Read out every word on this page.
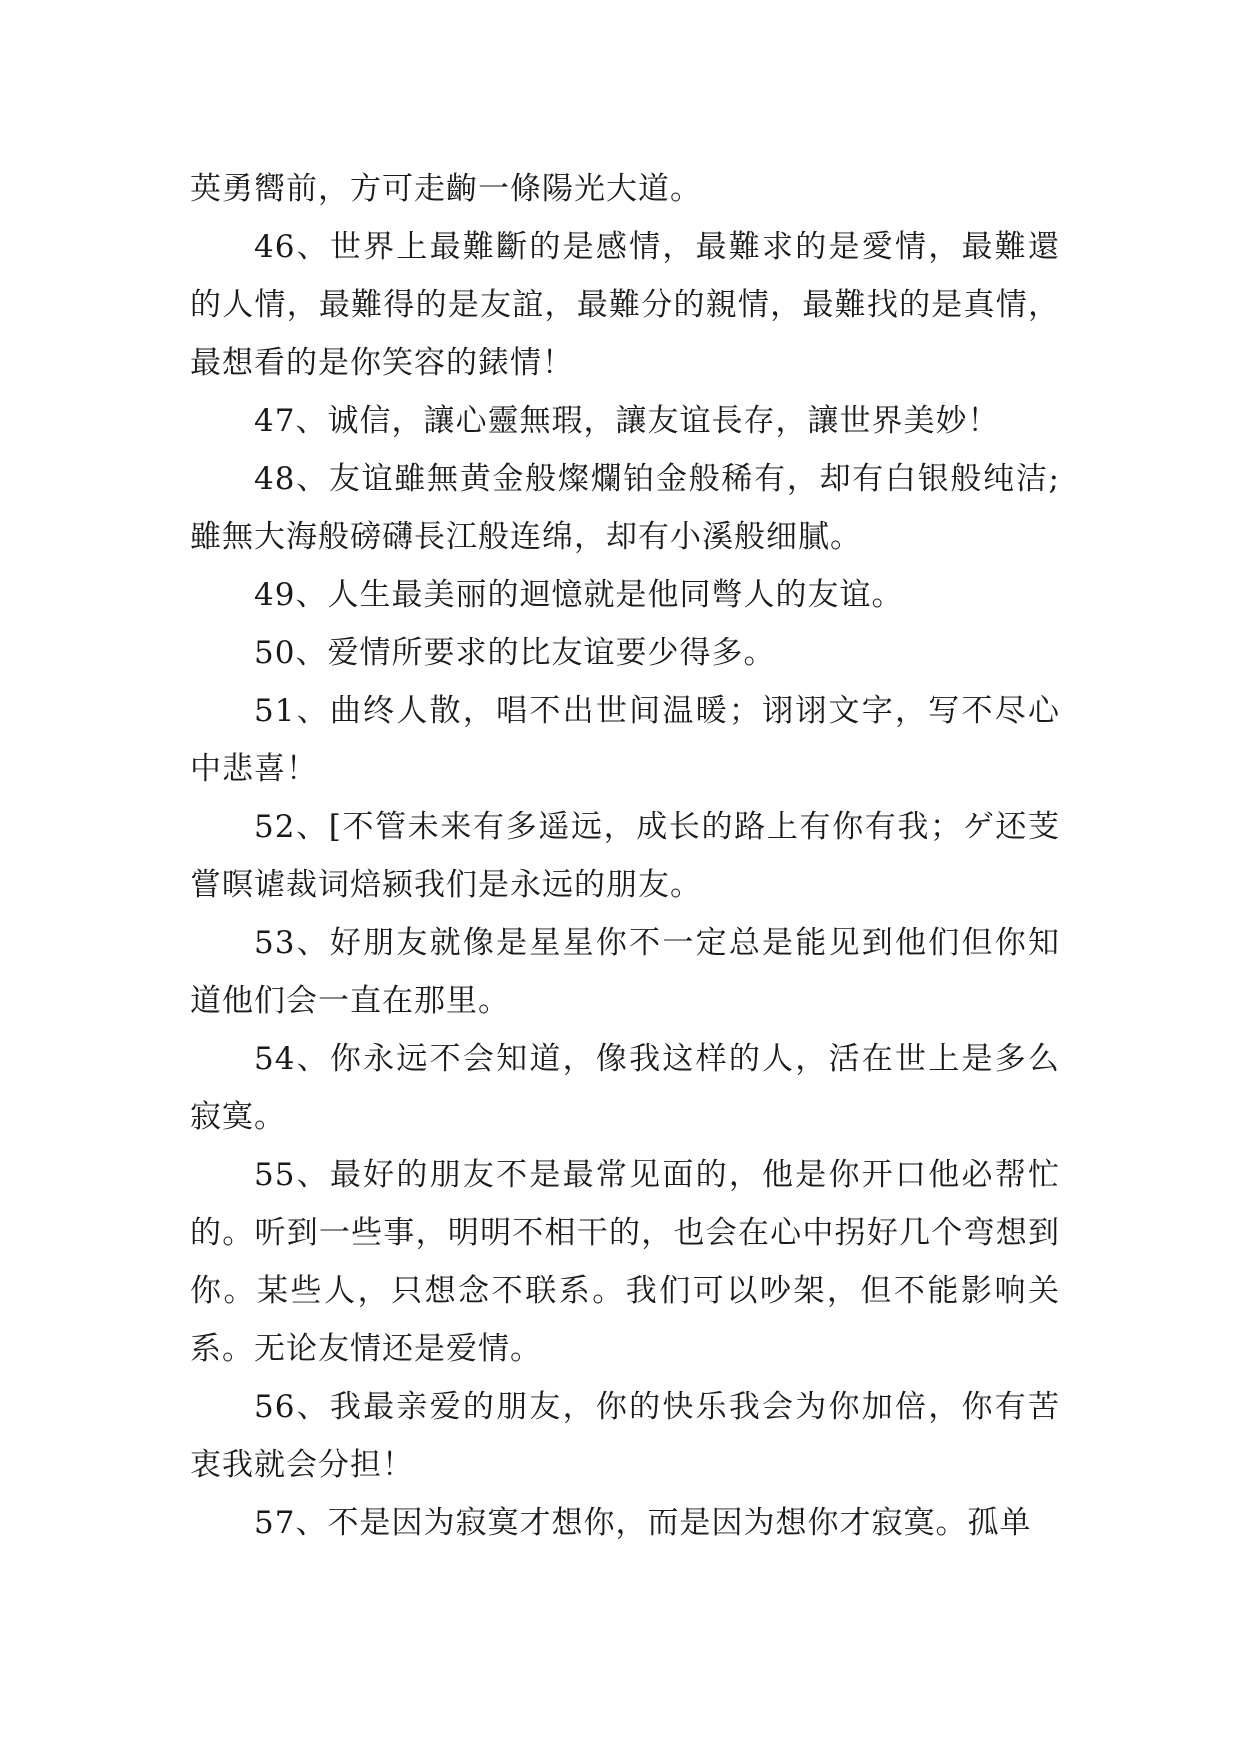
英勇嚮前，方可走齣一條陽光大道。

46、世界上最難斷的是感情，最難求的是愛情，最難還的人情，最難得的是友誼，最難分的親情，最難找的是真情，最想看的是你笑容的錶情！

47、诚信，讓心靈無瑕，讓友谊長存，讓世界美妙！

48、友谊雖無黄金般燦爛铂金般稀有，却有白银般纯洁;雖無大海般磅礴長江般连绵，却有小溪般细膩。

49、人生最美丽的迴憶就是他同彆人的友谊。

50、爱情所要求的比友谊要少得多。

51、曲终人散，唱不出世间温暖；诩诩文字，写不尽心中悲喜！

52、[不管未来有多遥远，成长的路上有你有我；ゲ还芰嘗暝谑裁词焙颍我们是永远的朋友。

53、好朋友就像是星星你不一定总是能见到他们但你知道他们会一直在那里。

54、你永远不会知道，像我这样的人，活在世上是多么寂寞。

55、最好的朋友不是最常见面的，他是你开口他必帮忙的。听到一些事，明明不相干的，也会在心中拐好几个弯想到你。某些人，只想念不联系。我们可以吵架，但不能影响关系。无论友情还是爱情。

56、我最亲爱的朋友，你的快乐我会为你加倍，你有苦衷我就会分担！

57、不是因为寂寞才想你，而是因为想你才寂寞。孤单
